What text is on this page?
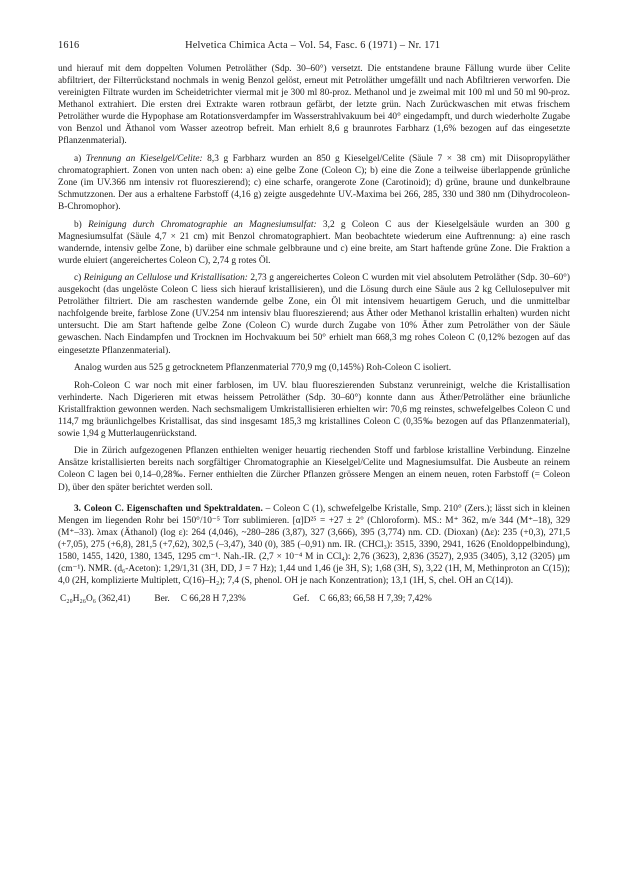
1616	Helvetica Chimica Acta – Vol. 54, Fasc. 6 (1971) – Nr. 171

und hierauf mit dem doppelten Volumen Petroläther (Sdp. 30–60°) versetzt. Die entstandene braune Fällung wurde über Celite abfiltriert, der Filterrückstand nochmals in wenig Benzol gelöst, erneut mit Petroläther umgefällt und nach Abfiltrieren verworfen. Die vereinigten Filtrate wurden im Scheidetrichter viermal mit je 300 ml 80-proz. Methanol und je zweimal mit 100 ml und 50 ml 90-proz. Methanol extrahiert. Die ersten drei Extrakte waren rotbraun gefärbt, der letzte grün. Nach Zurückwaschen mit etwas frischem Petroläther wurde die Hypophase am Rotationsverdampfer im Wasserstrahlvakuum bei 40° eingedampft, und durch wiederholte Zugabe von Benzol und Äthanol vom Wasser azeotrop befreit. Man erhielt 8,6 g braunrotes Farbharz (1,6% bezogen auf das eingesetzte Pflanzenmaterial).

a) Trennung an Kieselgel/Celite: 8,3 g Farbharz wurden an 850 g Kieselgel/Celite (Säule 7 × 38 cm) mit Diisopropyläther chromatographiert. Zonen von unten nach oben: a) eine gelbe Zone (Coleon C); b) eine die Zone a teilweise überlappende grünliche Zone (im UV.366 nm intensiv rot fluoreszierend); c) eine scharfe, orangerote Zone (Carotinoid); d) grüne, braune und dunkelbraune Schmutzzonen. Der aus a erhaltene Farbstoff (4,16 g) zeigte ausgedehnte UV.-Maxima bei 266, 285, 330 und 380 nm (Dihydrocoleon-B-Chromophor).

b) Reinigung durch Chromatographie an Magnesiumsulfat: 3,2 g Coleon C aus der Kieselgelsäule wurden an 300 g Magnesiumsulfat (Säule 4,7 × 21 cm) mit Benzol chromatographiert. Man beobachtete wiederum eine Auftrennung: a) eine rasch wandernde, intensiv gelbe Zone, b) darüber eine schmale gelbbraune und c) eine breite, am Start haftende grüne Zone. Die Fraktion a wurde eluiert (angereichertes Coleon C), 2,74 g rotes Öl.

c) Reinigung an Cellulose und Kristallisation: 2,73 g angereichertes Coleon C wurden mit viel absolutem Petroläther (Sdp. 30–60°) ausgekocht (das ungelöste Coleon C liess sich hierauf kristallisieren), und die Lösung durch eine Säule aus 2 kg Cellulosepulver mit Petroläther filtriert. Die am raschesten wandernde gelbe Zone, ein Öl mit intensivem heuartigem Geruch, und die unmittelbar nachfolgende breite, farblose Zone (UV.254 nm intensiv blau fluoreszierend; aus Äther oder Methanol kristallin erhalten) wurden nicht untersucht. Die am Start haftende gelbe Zone (Coleon C) wurde durch Zugabe von 10% Äther zum Petroläther von der Säule gewaschen. Nach Eindampfen und Trocknen im Hochvakuum bei 50° erhielt man 668,3 mg rohes Coleon C (0,12% bezogen auf das eingesetzte Pflanzenmaterial).

Analog wurden aus 525 g getrocknetem Pflanzenmaterial 770,9 mg (0,145%) Roh-Coleon C isoliert.

Roh-Coleon C war noch mit einer farblosen, im UV. blau fluoreszierenden Substanz verunreinigt, welche die Kristallisation verhinderte. Nach Digerieren mit etwas heissem Petroläther (Sdp. 30–60°) konnte dann aus Äther/Petroläther eine bräunliche Kristallfraktion gewonnen werden. Nach sechsmaligem Umkristallisieren erhielten wir: 70,6 mg reinstes, schwefelgelbes Coleon C und 114,7 mg bräunlichgelbes Kristallisat, das sind insgesamt 185,3 mg kristallines Coleon C (0,35‰ bezogen auf das Pflanzenmaterial), sowie 1,94 g Mutterlaugenrückstand.

Die in Zürich aufgezogenen Pflanzen enthielten weniger heuartig riechenden Stoff und farblose kristalline Verbindung. Einzelne Ansätze kristallisierten bereits nach sorgfältiger Chromatographie an Kieselgel/Celite und Magnesiumsulfat. Die Ausbeute an reinem Coleon C lagen bei 0,14–0,28‰. Ferner enthielten die Zürcher Pflanzen grössere Mengen an einem neuen, roten Farbstoff (= Coleon D), über den später berichtet werden soll.

3. Coleon C. Eigenschaften und Spektraldaten. – Coleon C (1), schwefelgelbe Kristalle, Smp. 210° (Zers.); lässt sich in kleinen Mengen im liegenden Rohr bei 150°/10⁻⁵ Torr sublimieren. [α]D²⁵ = +27 ± 2° (Chloroform). MS.: M⁺ 362, m/e 344 (M⁺–18), 329 (M⁺–33). λmax (Äthanol) (log ε): 264 (4,046), ~280–286 (3,87), 327 (3,666), 395 (3,774) nm. CD. (Dioxan) (Δε): 235 (+0,3), 271,5 (+7,05), 275 (+6,8), 281,5 (+7,62), 302,5 (–3,47), 340 (0), 385 (–0,91) nm. IR. (CHCl₃): 3515, 3390, 2941, 1626 (Enoldoppelbindung), 1580, 1455, 1420, 1380, 1345, 1295 cm⁻¹. Nah.-IR. (2,7 × 10⁻⁴ M in CCl₄): 2,76 (3623), 2,836 (3527), 2,935 (3405), 3,12 (3205) μm (cm⁻¹). NMR. (d₆-Aceton): 1,29/1,31 (3H, DD, J = 7 Hz); 1,44 und 1,46 (je 3H, S); 1,68 (3H, S), 3,22 (1H, M, Methinproton an C(15)); 4,0 (2H, komplizierte Multiplett, C(16)–H₂); 7,4 (S, phenol. OH je nach Konzentration); 13,1 (1H, S, chel. OH an C(14)).

C₂₀H₂₆O₆ (362,41)	Ber. C 66,28 H 7,23%	Gef. C 66,83; 66,58 H 7,39; 7,42%
